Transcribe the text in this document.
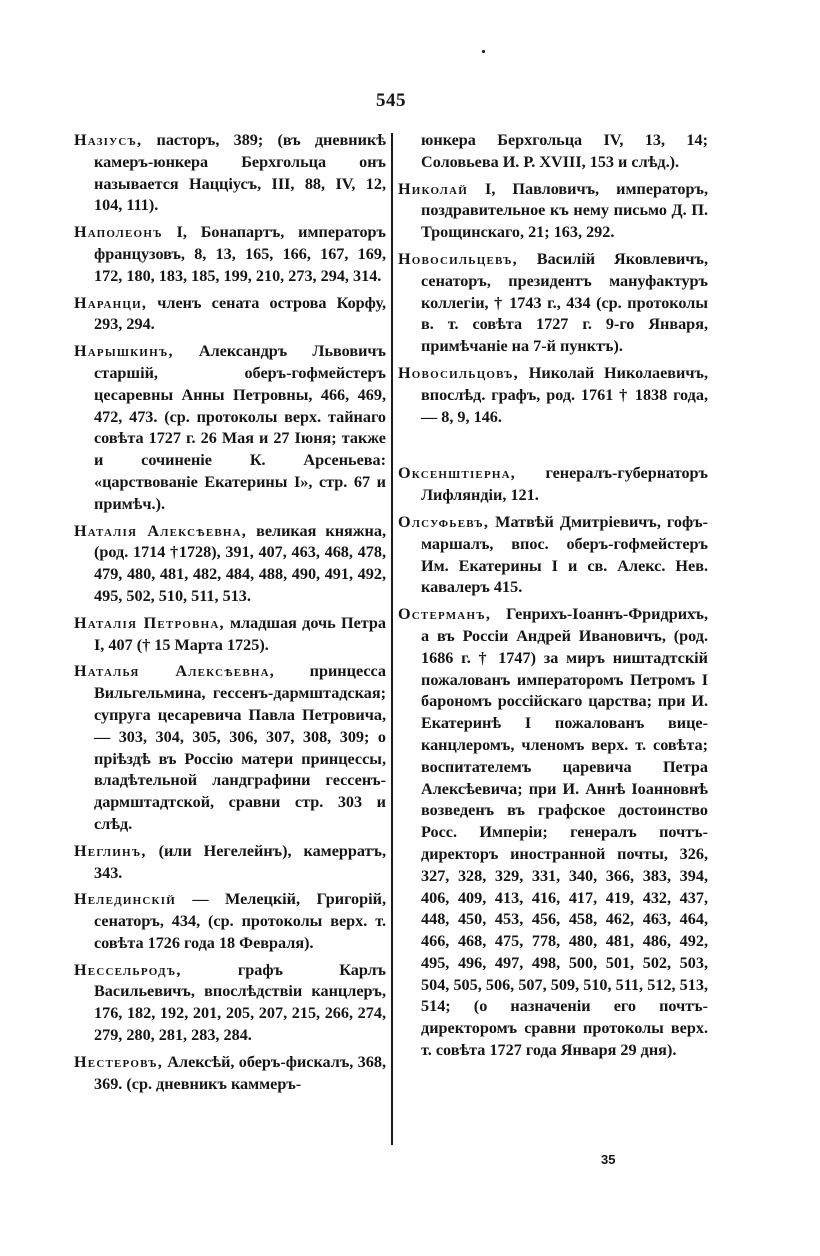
545
Назiусъ, пасторъ, 389; (въ дневникѣ камеръ-юнкера Берхгольца онъ называется Нацціусъ, III, 88, IV, 12, 104, 111).
Наполеонъ I, Бонапартъ, императоръ французовъ, 8, 13, 165, 166, 167, 169, 172, 180, 183, 185, 199, 210, 273, 294, 314.
Наранци, членъ сената острова Корфу, 293, 294.
Нарышкинъ, Александръ Львовичъ старшiй, оберъ-гофмейстеръ цесаревны Анны Петровны, 466, 469, 472, 473. (ср. протоколы верх. тайнаго совѣта 1727 г. 26 Мая и 27 Iюня; также и сочиненiе К. Арсеньева: «царствованiе Екатерины I», стр. 67 и примѣч.).
Наталiя Алексѣевна, великая княжна, (род. 1714 †1728), 391, 407, 463, 468, 478, 479, 480, 481, 482, 484, 488, 490, 491, 492, 495, 502, 510, 511, 513.
Наталiя Петровна, младшая дочь Петра I, 407 († 15 Марта 1725).
Наталья Алексѣевна, принцесса Вильгельмина, гессенъ-дармштадская; супруга цесаревича Павла Петровича, — 303, 304, 305, 306, 307, 308, 309; о прiѣздѣ въ Россiю матери принцессы, владѣтельной ландграфини гессенъ-дармштадтской, сравни стр. 303 и слѣд.
Неглинъ, (или Негелейнъ), камерратъ, 343.
Нелединскiй — Мелецкiй, Григорiй, сенаторъ, 434, (ср. протоколы верх. т. совѣта 1726 года 18 Февраля).
Нессельродъ, графъ Карлъ Васильевичъ, впослѣдствiи канцлеръ, 176, 182, 192, 201, 205, 207, 215, 266, 274, 279, 280, 281, 283, 284.
Нестеровъ, Алексѣй, оберъ-фискалъ, 368, 369. (ср. дневникъ каммеръ-
юнкера Берхгольца IV, 13, 14; Соловьева И. Р. XVIII, 153 и слѣд.).
Николай I, Павловичъ, императоръ, поздравительное къ нему письмо Д. П. Трощинскаго, 21; 163, 292.
Новосильцевъ, Василiй Яковлевичъ, сенаторъ, президентъ мануфактуръ коллегiи, † 1743 г., 434 (ср. протоколы в. т. совѣта 1727 г. 9-го Января, примѣчанiе на 7-й пунктъ).
Новосильцовъ, Николай Николаевичъ, впослѣд. графъ, род. 1761 † 1838 года, — 8, 9, 146.
Оксенштiерна, генералъ-губернаторъ Лифляндiи, 121.
Олсуфьевъ, Матвѣй Дмитрiевичъ, гофъ-маршалъ, впос. оберъ-гофмейстеръ Им. Екатерины I и св. Алекс. Нев. кавалеръ 415.
Остерманъ, Генрихъ-Iоаннъ-Фридрихъ, а въ Россiи Андрей Ивановичъ, (род. 1686 г. † 1747) за миръ ништадтскiй пожалованъ императоромъ Петромъ I барономъ россiйскаго царства; при И. Екатеринѣ I пожалованъ вице-канцлеромъ, членомъ верх. т. совѣта; воспитателемъ царевича Петра Алексѣевича; при И. Аннѣ Iоанновнѣ возведенъ въ графское достоинство Росс. Имперiи; генералъ почтъ-директоръ иностранной почты, 326, 327, 328, 329, 331, 340, 366, 383, 394, 406, 409, 413, 416, 417, 419, 432, 437, 448, 450, 453, 456, 458, 462, 463, 464, 466, 468, 475, 778, 480, 481, 486, 492, 495, 496, 497, 498, 500, 501, 502, 503, 504, 505, 506, 507, 509, 510, 511, 512, 513, 514; (о назначенiи его почтъ-директоромъ сравни протоколы верх. т. совѣта 1727 года Января 29 дня).
35
